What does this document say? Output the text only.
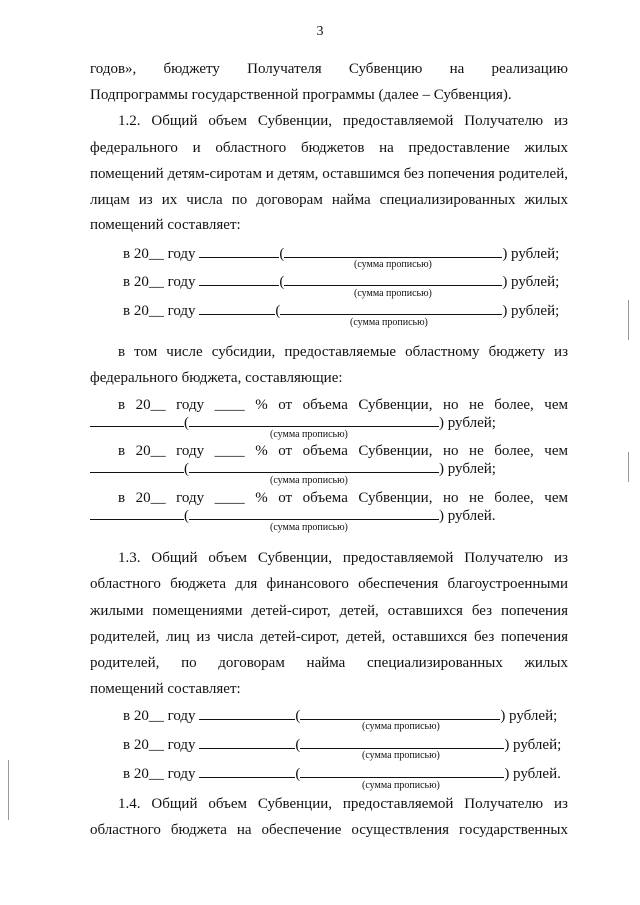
3
годов», бюджету Получателя Субвенцию на реализацию
Подпрограммы государственной программы (далее – Субвенция).
1.2. Общий объем Субвенции, предоставляемой Получателю из
федерального и областного бюджетов на предоставление жилых
помещений детям-сиротам и детям, оставшимся без попечения родителей,
лицам из их числа по договорам найма специализированных жилых
помещений составляет:
в 20__ году	(	) рублей;
(сумма прописью)
в 20__ году	(	) рублей;
(сумма прописью)
в 20__ году	(	) рублей;
(сумма прописью)
в том числе субсидии, предоставляемые областному бюджету из
федерального бюджета, составляющие:
в 20__ году ____ % от объема Субвенции, но не более, чем
(	) рублей;
(сумма прописью)
в 20__ году ____ % от объема Субвенции, но не более, чем
(	) рублей;
(сумма прописью)
в 20__ году ____ % от объема Субвенции, но не более, чем
(	) рублей.
(сумма прописью)
1.3. Общий объем Субвенции, предоставляемой Получателю из
областного бюджета для финансового обеспечения благоустроенными
жилыми помещениями детей-сирот, детей, оставшихся без попечения
родителей, лиц из числа детей-сирот, детей, оставшихся без попечения
родителей, по договорам найма специализированных жилых
помещений составляет:
в 20__ году	(	) рублей;
(сумма прописью)
в 20__ году	(	) рублей;
(сумма прописью)
в 20__ году	(	) рублей.
(сумма прописью)
1.4. Общий объем Субвенции, предоставляемой Получателю из
областного бюджета на обеспечение осуществления государственных
